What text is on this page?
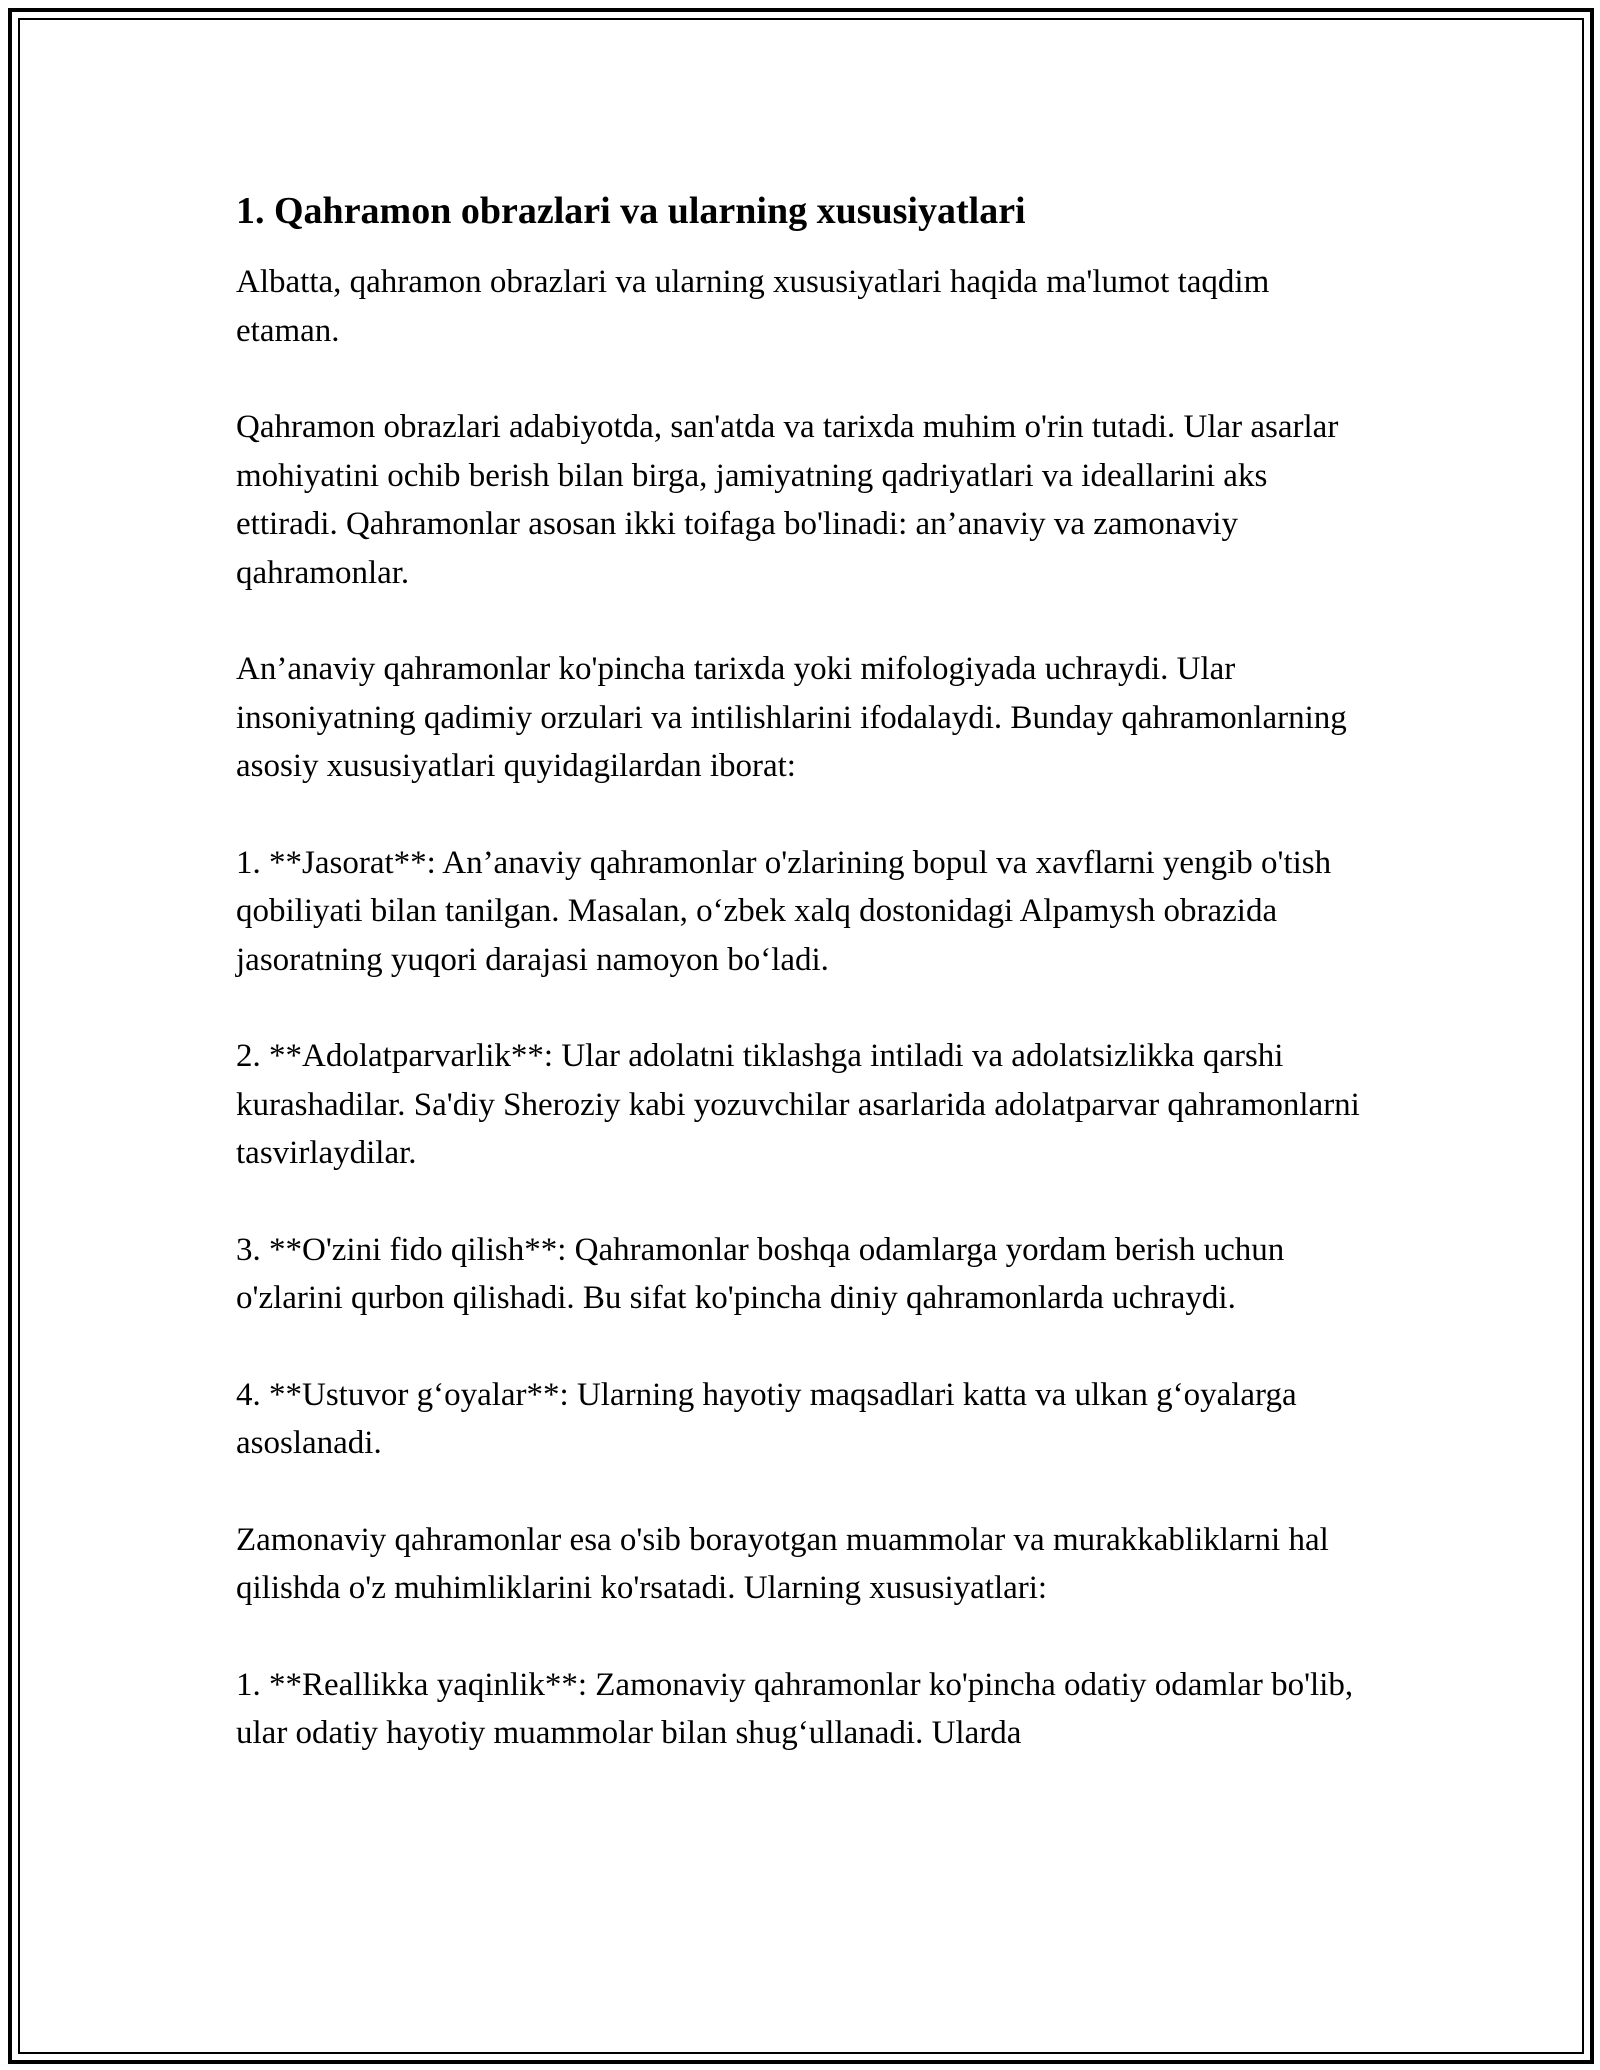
1. Qahramon obrazlari va ularning xususiyatlari

Albatta, qahramon obrazlari va ularning xususiyatlari haqida ma'lumot taqdim etaman.

Qahramon obrazlari adabiyotda, san'atda va tarixda muhim o'rin tutadi. Ular asarlar mohiyatini ochib berish bilan birga, jamiyatning qadriyatlari va ideallarini aks ettiradi. Qahramonlar asosan ikki toifaga bo'linadi: an’anaviy va zamonaviy qahramonlar.

An’anaviy qahramonlar ko'pincha tarixda yoki mifologiyada uchraydi. Ular insoniyatning qadimiy orzulari va intilishlarini ifodalaydi. Bunday qahramonlarning asosiy xususiyatlari quyidagilardan iborat:

1. **Jasorat**: An’anaviy qahramonlar o'zlarining bopul va xavflarni yengib o'tish qobiliyati bilan tanilgan. Masalan, o‘zbek xalq dostonidagi Alpamysh obrazida jasoratning yuqori darajasi namoyon bo‘ladi.

2. **Adolatparvarlik**: Ular adolatni tiklashga intiladi va adolatsizlikka qarshi kurashadilar. Sa'diy Sheroziy kabi yozuvchilar asarlarida adolatparvar qahramonlarni tasvirlaydilar.

3. **O'zini fido qilish**: Qahramonlar boshqa odamlarga yordam berish uchun o'zlarini qurbon qilishadi. Bu sifat ko'pincha diniy qahramonlarda uchraydi.

4. **Ustuvor g‘oyalar**: Ularning hayotiy maqsadlari katta va ulkan g‘oyalarga asoslanadi.

Zamonaviy qahramonlar esa o'sib borayotgan muammolar va murakkabliklarni hal qilishda o'z muhimliklarini ko'rsatadi. Ularning xususiyatlari:

1. **Reallikka yaqinlik**: Zamonaviy qahramonlar ko'pincha odatiy odamlar bo'lib, ular odatiy hayotiy muammolar bilan shug‘ullanadi. Ularda
